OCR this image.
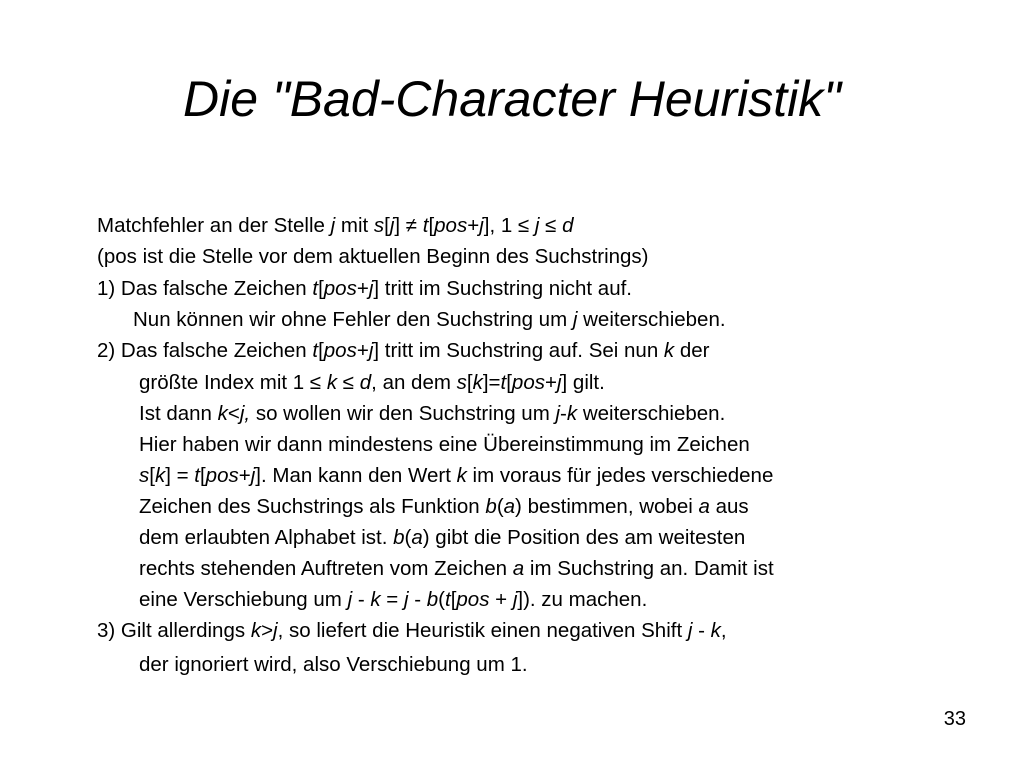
Die "Bad-Character Heuristik"
Matchfehler an der Stelle j mit s[j] ≠ t[pos+j], 1 ≤ j ≤ d
(pos ist die Stelle vor dem aktuellen Beginn des Suchstrings)
1) Das falsche Zeichen t[pos+j] tritt im Suchstring nicht auf.
Nun können wir ohne Fehler den Suchstring um j weiterschieben.
2) Das falsche Zeichen t[pos+j] tritt im Suchstring auf. Sei nun k der
größte Index mit 1 ≤ k ≤ d, an dem s[k]=t[pos+j] gilt.
Ist dann k<j, so wollen wir den Suchstring um j-k weiterschieben.
Hier haben wir dann mindestens eine Übereinstimmung im Zeichen
s[k] = t[pos+j]. Man kann den Wert k im voraus für jedes verschiedene
Zeichen des Suchstrings als Funktion b(a) bestimmen, wobei a aus
dem erlaubten Alphabet ist. b(a) gibt die Position des am weitesten
rechts stehenden Auftreten vom Zeichen a im Suchstring an. Damit ist
eine Verschiebung um j - k = j - b(t[pos + j]). zu machen.
3) Gilt allerdings k>j, so liefert die Heuristik einen negativen Shift j - k,
der ignoriert wird, also Verschiebung um 1.
33
